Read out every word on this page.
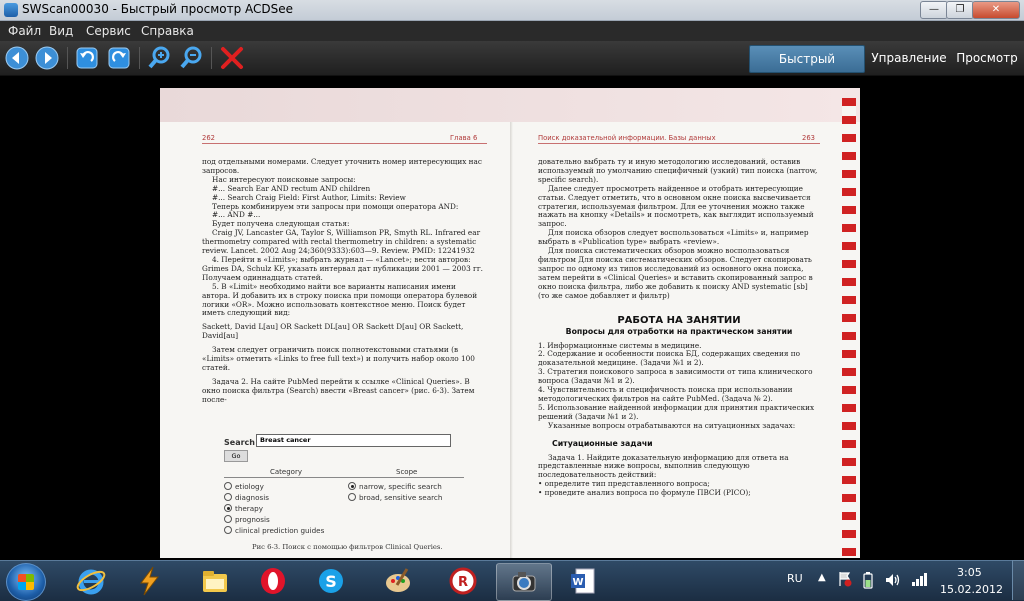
SWScan00030 - Быстрый просмотр ACDSee	—	❐	✕
Файл Вид Сервис Справка
Быстрый	Управление Просмотр
262	Глава 6	Поиск доказательной информации. Базы данных	263

под отдельными номерами. Следует уточнить номер интересующих нас запросов.

Нас интересуют поисковые запросы:

#... Search Ear AND rectum AND children

#... Search Craig Field: First Author, Limits: Review

Теперь комбинируем эти запросы при помощи оператора AND:

#... AND #...

Будет получена следующая статья:

Craig JV, Lancaster GA, Taylor S, Williamson PR, Smyth RL. Infrared ear thermometry compared with rectal thermometry in children: a systematic review. Lancet. 2002 Aug 24;360(9333):603—9. Review. PMID: 12241932

4. Перейти в «Limits»; выбрать журнал — «Lancet»; вести авторов: Grimes DA, Schulz KF, указать интервал дат публикации 2001 — 2003 гг. Получаем одиннадцать статей.

5. В «Limit» необходимо найти все варианты написания имени автора. И добавить их в строку поиска при помощи оператора булевой логики «OR». Можно использовать контекстное меню. Поиск будет иметь следующий вид:

Sackett, David L[au] OR Sackett DL[au] OR Sackett D[au] OR Sackett, David[au]

Затем следует ограничить поиск полнотекстовыми статьями (в «Limits» отметить «Links to free full text») и получить набор около 100 статей.

Задача 2. На сайте PubMed перейти к ссылке «Clinical Queries». В окно поиска фильтра (Search) ввести «Breast cancer» (рис. 6-3). Затем после-

Search Breast cancer
Go
Category	Scope
etiology
diagnosis
therapy
prognosis
clinical prediction guides
narrow, specific search
broad, sensitive search
Рис 6-3. Поиск с помощью фильтров Clinical Queries.

довательно выбрать ту и иную методологию исследований, оставив используемый по умолчанию специфичный (узкий) тип поиска (narrow, specific search).

Далее следует просмотреть найденное и отобрать интересующие статьи. Следует отметить, что в основном окне поиска высвечивается стратегия, используемая фильтром. Для ее уточнения можно также нажать на кнопку «Details» и посмотреть, как выглядит используемый запрос.

Для поиска обзоров следует воспользоваться «Limits» и, например выбрать в «Publication type» выбрать «review».

Для поиска систематических обзоров можно воспользоваться фильтром Для поиска систематических обзоров. Следует скопировать запрос по одному из типов исследований из основного окна поиска, затем перейти в «Clinical Queries» и вставить скопированный запрос в окно поиска фильтра, либо же добавить к поиску AND systematic [sb] (то же самое добавляет и фильтр)

РАБОТА НА ЗАНЯТИИ

Вопросы для отработки на практическом занятии

1. Информационные системы в медицине.

2. Содержание и особенности поиска БД, содержащих сведения по доказательной медицине. (Задачи №1 и 2).

3. Стратегия поискового запроса в зависимости от типа клинического вопроса (Задачи №1 и 2).

4. Чувствительность и специфичность поиска при использовании методологических фильтров на сайте PubMed. (Задача № 2).

5. Использование найденной информации для принятия практических решений (Задачи №1 и 2).

Указанные вопросы отрабатываются на ситуационных задачах:

Ситуационные задачи

Задача 1. Найдите доказательную информацию для ответа на представленные ниже вопросы, выполнив следующую последовательность действий:

• определите тип представленного вопроса;

• проведите анализ вопроса по формуле ПВСИ (PICO);

S	R	W	RU ▲	3:05
15.02.2012
